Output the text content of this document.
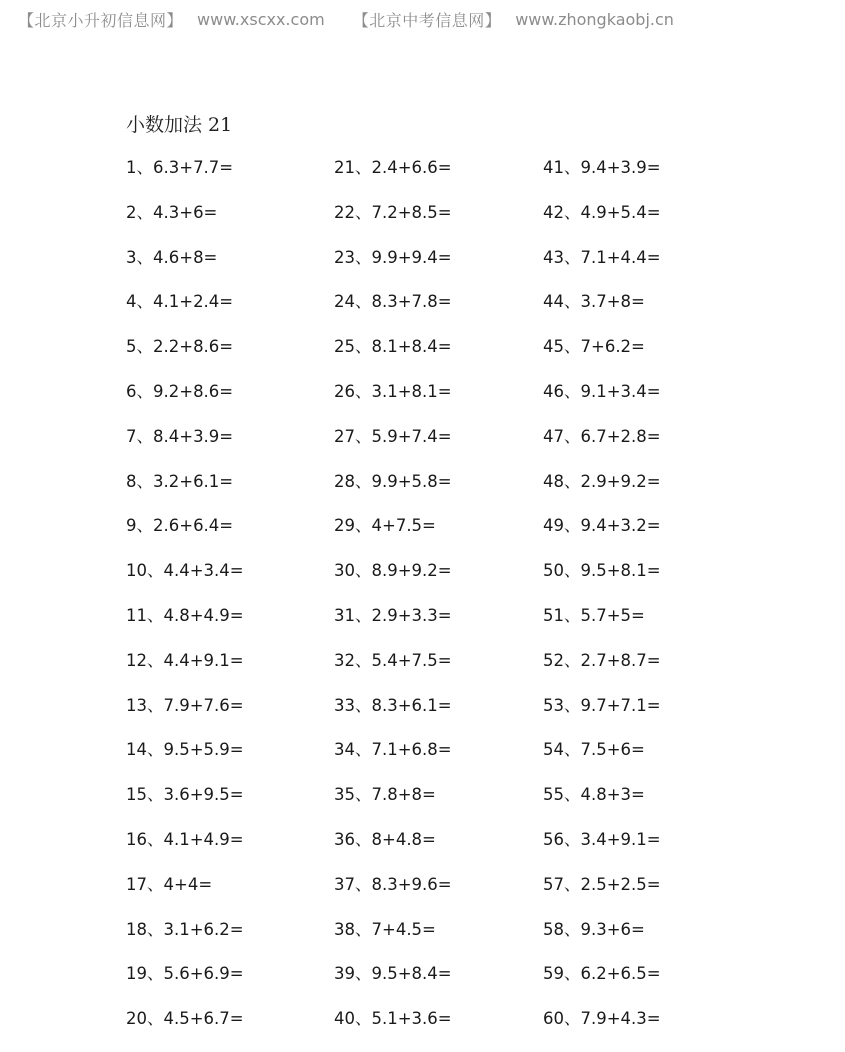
【北京小升初信息网】 www.xscxx.com 【北京中考信息网】 www.zhongkaobj.cn
小数加法 21
1、6.3+7.7=
2、4.3+6=
3、4.6+8=
4、4.1+2.4=
5、2.2+8.6=
6、9.2+8.6=
7、8.4+3.9=
8、3.2+6.1=
9、2.6+6.4=
10、4.4+3.4=
11、4.8+4.9=
12、4.4+9.1=
13、7.9+7.6=
14、9.5+5.9=
15、3.6+9.5=
16、4.1+4.9=
17、4+4=
18、3.1+6.2=
19、5.6+6.9=
20、4.5+6.7=
21、2.4+6.6=
22、7.2+8.5=
23、9.9+9.4=
24、8.3+7.8=
25、8.1+8.4=
26、3.1+8.1=
27、5.9+7.4=
28、9.9+5.8=
29、4+7.5=
30、8.9+9.2=
31、2.9+3.3=
32、5.4+7.5=
33、8.3+6.1=
34、7.1+6.8=
35、7.8+8=
36、8+4.8=
37、8.3+9.6=
38、7+4.5=
39、9.5+8.4=
40、5.1+3.6=
41、9.4+3.9=
42、4.9+5.4=
43、7.1+4.4=
44、3.7+8=
45、7+6.2=
46、9.1+3.4=
47、6.7+2.8=
48、2.9+9.2=
49、9.4+3.2=
50、9.5+8.1=
51、5.7+5=
52、2.7+8.7=
53、9.7+7.1=
54、7.5+6=
55、4.8+3=
56、3.4+9.1=
57、2.5+2.5=
58、9.3+6=
59、6.2+6.5=
60、7.9+4.3=
